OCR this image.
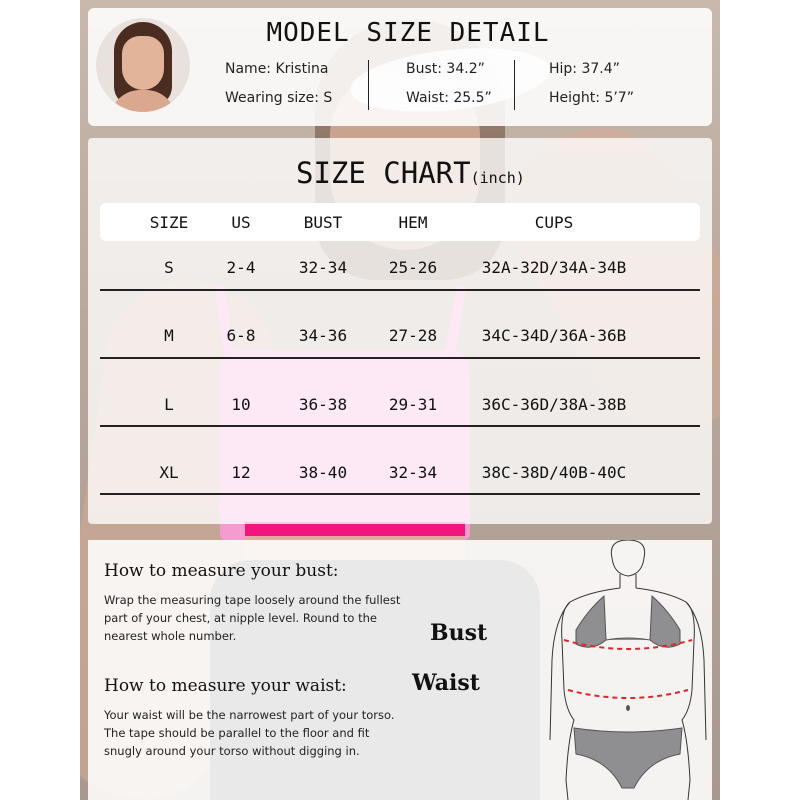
MODEL SIZE DETAIL
Name: Kristina
Wearing size: S
Bust: 34.2”
Waist: 25.5”
Hip: 37.4”
Height: 5’7”
SIZE CHART(inch)
SIZE	US	BUST	HEM	CUPS
S	2-4	32-34	25-26	32A-32D/34A-34B
M	6-8	34-36	27-28	34C-34D/36A-36B
L	10	36-38	29-31	36C-36D/38A-38B
XL	12	38-40	32-34	38C-38D/40B-40C
How to measure your bust:
Wrap the measuring tape loosely around the fullest part of your chest, at nipple level. Round to the nearest whole number.
How to measure your waist:
Your waist will be the narrowest part of your torso. The tape should be parallel to the floor and fit snugly around your torso without digging in.
Bust
Waist
